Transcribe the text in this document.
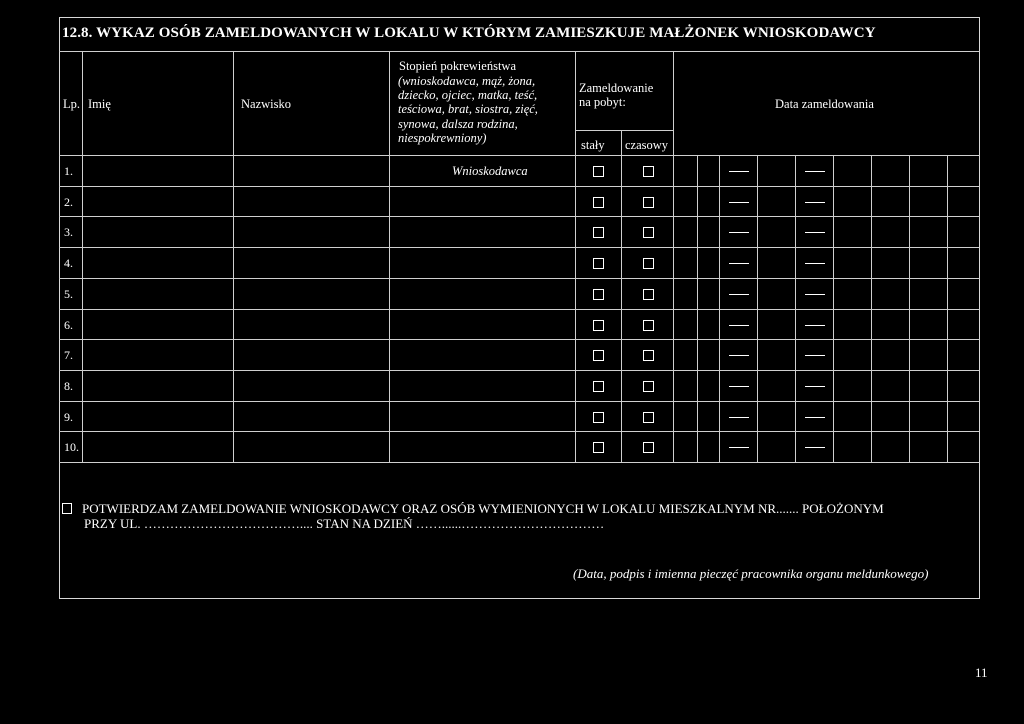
12.8. WYKAZ OSÓB ZAMELDOWANYCH W LOKALU W KTÓRYM ZAMIESZKUJE MAŁŻONEK WNIOSKODAWCY
Lp. Imię	Nazwisko
Stopień pokrewieństwa
(wnioskodawca, mąż, żona,
dziecko, ojciec, matka, teść,
teściowa, brat, siostra, zięć,
synowa, dalsza rodzina,
niespokrewniony)
Zameldowanie
na pobyt:
stały czasowy
Data zameldowania
1.	Wnioskodawca
2.
3.
4.
5.
6.
7.
8.
9.
10.
POTWIERDZAM ZAMELDOWANIE WNIOSKODAWCY ORAZ OSÓB WYMIENIONYCH W LOKALU MIESZKALNYM NR....... POŁOŻONYM
PRZY UL. ……………………………….... STAN NA DZIEŃ ……......……………………………
(Data, podpis i imienna pieczęć pracownika organu meldunkowego)
11
